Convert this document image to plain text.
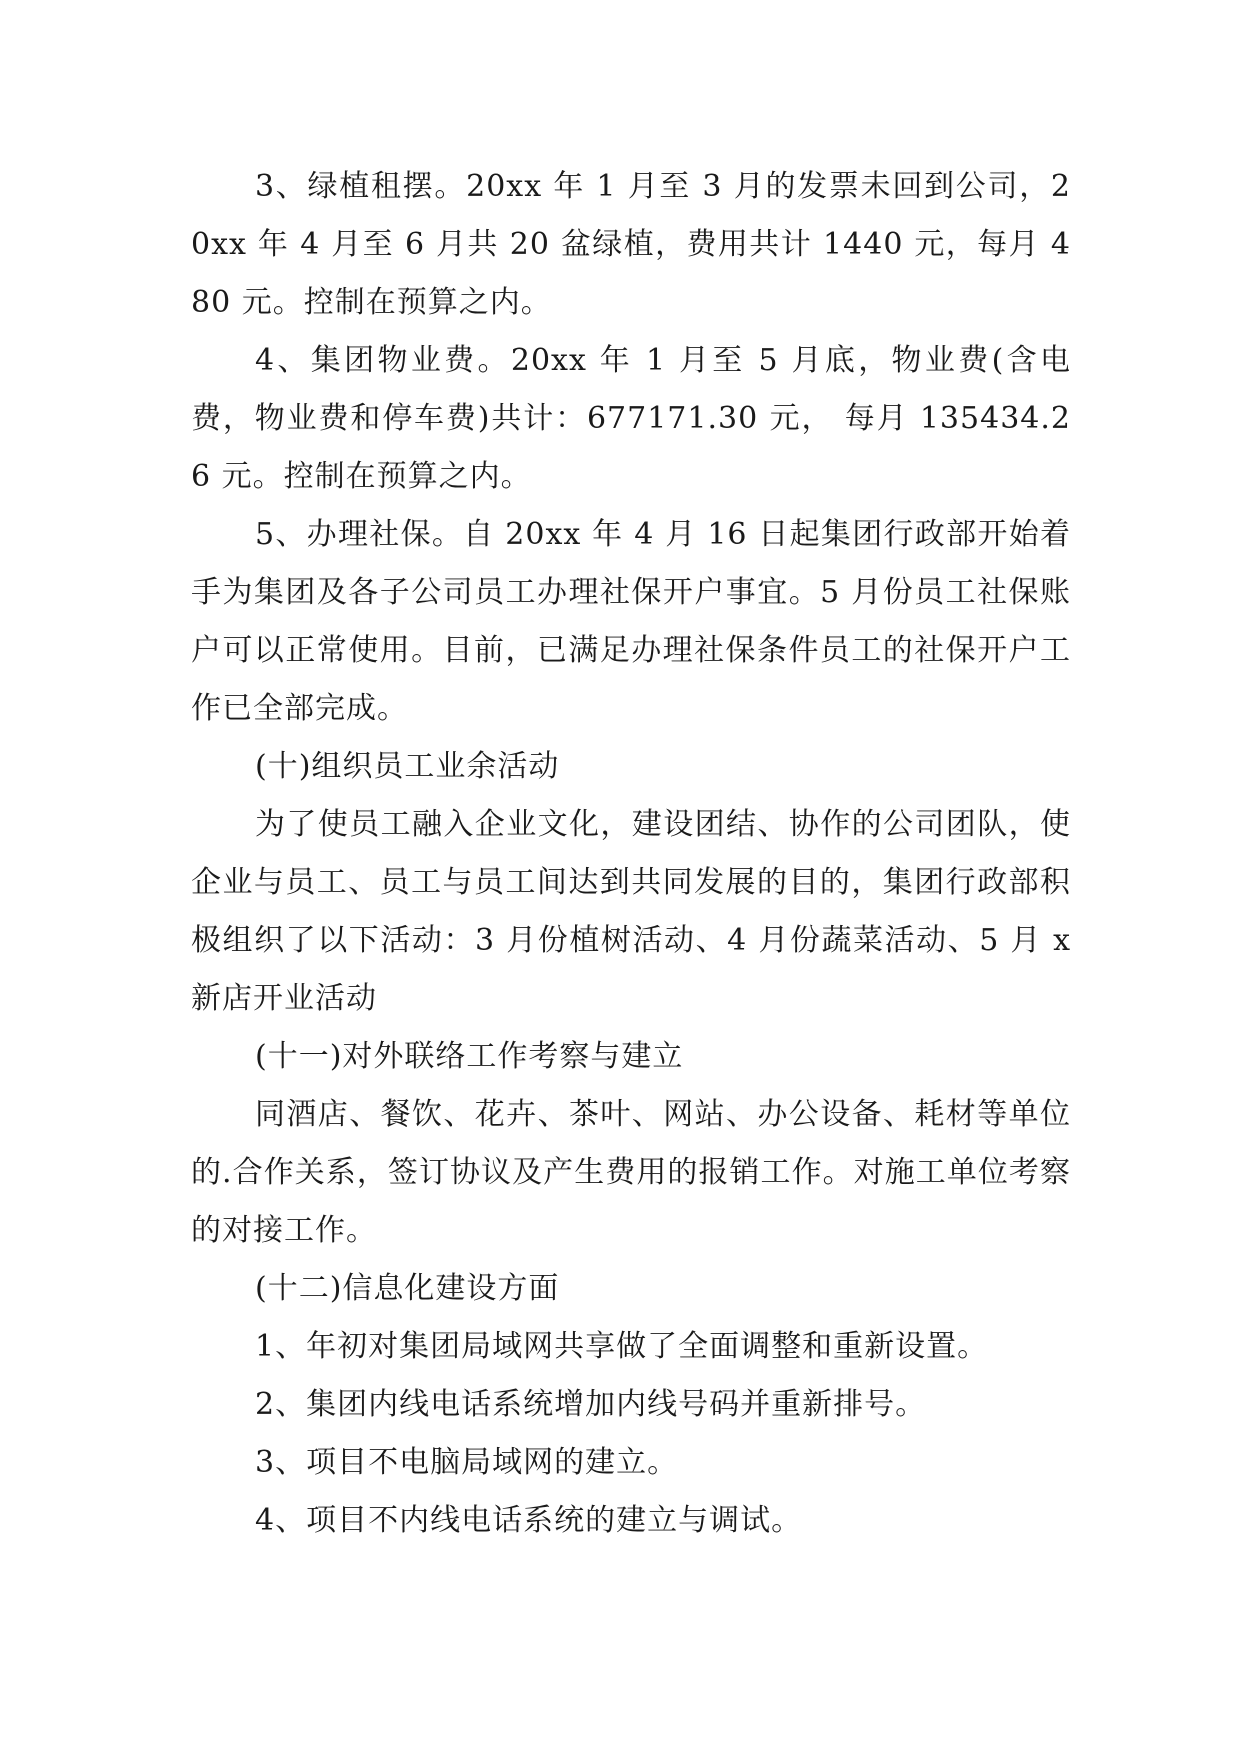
3、绿植租摆。20xx 年 1 月至 3 月的发票未回到公司，20xx 年 4 月至 6 月共 20 盆绿植，费用共计 1440 元，每月 480 元。控制在预算之内。

4、集团物业费。20xx 年 1 月至 5 月底，物业费(含电费，物业费和停车费)共计：677171.30 元， 每月 135434.26 元。控制在预算之内。

5、办理社保。自 20xx 年 4 月 16 日起集团行政部开始着手为集团及各子公司员工办理社保开户事宜。5 月份员工社保账户可以正常使用。目前，已满足办理社保条件员工的社保开户工作已全部完成。

(十)组织员工业余活动

为了使员工融入企业文化，建设团结、协作的公司团队，使企业与员工、员工与员工间达到共同发展的目的，集团行政部积极组织了以下活动：3 月份植树活动、4 月份蔬菜活动、5 月 x 新店开业活动

(十一)对外联络工作考察与建立

同酒店、餐饮、花卉、茶叶、网站、办公设备、耗材等单位的.合作关系，签订协议及产生费用的报销工作。对施工单位考察的对接工作。

(十二)信息化建设方面

1、年初对集团局域网共享做了全面调整和重新设置。

2、集团内线电话系统增加内线号码并重新排号。

3、项目不电脑局域网的建立。

4、项目不内线电话系统的建立与调试。
